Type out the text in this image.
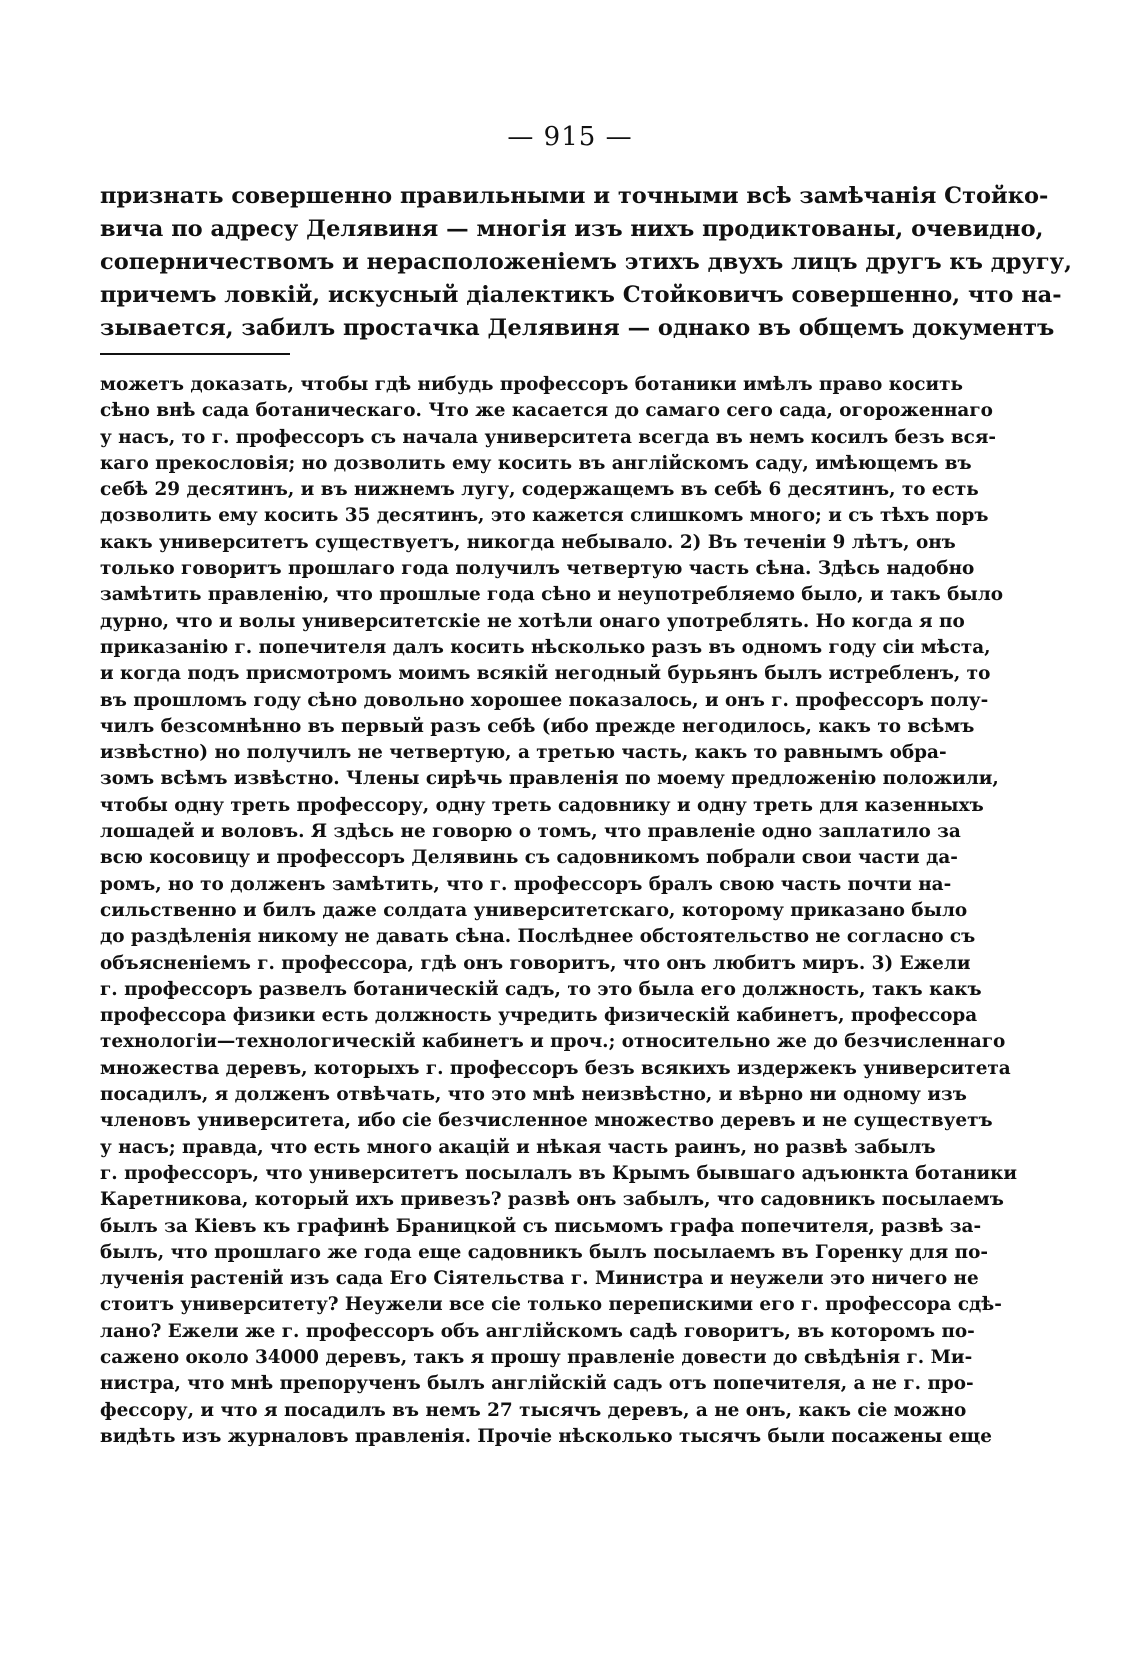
— 915 —
признать совершенно правильными и точными всѣ замѣчанія Стойко-
вича по адресу Делявиня — многія изъ нихъ продиктованы, очевидно,
соперничествомъ и нерасположеніемъ этихъ двухъ лицъ другъ къ другу,
причемъ ловкій, искусный діалектикъ Стойковичъ совершенно, что на-
зывается, забилъ простачка Делявиня — однако въ общемъ документъ
можетъ доказать, чтобы гдѣ нибудь профессоръ ботаники имѣлъ право косить
сѣно внѣ сада ботаническаго. Что же касается до самаго сего сада, огороженнаго
у насъ, то г. профессоръ съ начала университета всегда въ немъ косилъ безъ вся-
каго прекословія; но дозволить ему косить въ англійскомъ саду, имѣющемъ въ
себѣ 29 десятинъ, и въ нижнемъ лугу, содержащемъ въ себѣ 6 десятинъ, то есть
дозволить ему косить 35 десятинъ, это кажется слишкомъ много; и съ тѣхъ поръ
какъ университетъ существуетъ, никогда небывало. 2) Въ теченіи 9 лѣтъ, онъ
только говоритъ прошлаго года получилъ четвертую часть сѣна. Здѣсь надобно
замѣтить правленію, что прошлые года сѣно и неупотребляемо было, и такъ было
дурно, что и волы университетскіе не хотѣли онаго употреблять. Но когда я по
приказанію г. попечителя далъ косить нѣсколько разъ въ одномъ году сіи мѣста,
и когда подъ присмотромъ моимъ всякій негодный бурьянъ былъ истребленъ, то
въ прошломъ году сѣно довольно хорошее показалось, и онъ г. профессоръ полу-
чилъ безсомнѣнно въ первый разъ себѣ (ибо прежде негодилось, какъ то всѣмъ
извѣстно) но получилъ не четвертую, а третью часть, какъ то равнымъ обра-
зомъ всѣмъ извѣстно. Члены сирѣчь правленія по моему предложенію положили,
чтобы одну треть профессору, одну треть садовнику и одну треть для казенныхъ
лошадей и воловъ. Я здѣсь не говорю о томъ, что правленіе одно заплатило за
всю косовицу и профессоръ Делявинь съ садовникомъ побрали свои части да-
ромъ, но то долженъ замѣтить, что г. профессоръ бралъ свою часть почти на-
сильственно и билъ даже солдата университетскаго, которому приказано было
до раздѣленія никому не давать сѣна. Послѣднее обстоятельство не согласно съ
объясненіемъ г. профессора, гдѣ онъ говоритъ, что онъ любитъ миръ. 3) Ежели
г. профессоръ развелъ ботаническій садъ, то это была его должность, такъ какъ
профессора физики есть должность учредить физическій кабинетъ, профессора
технологіи—технологическій кабинетъ и проч.; относительно же до безчисленнаго
множества деревъ, которыхъ г. профессоръ безъ всякихъ издержекъ университета
посадилъ, я долженъ отвѣчать, что это мнѣ неизвѣстно, и вѣрно ни одному изъ
членовъ университета, ибо сіе безчисленное множество деревъ и не существуетъ
у насъ; правда, что есть много акацій и нѣкая часть раинъ, но развѣ забылъ
г. профессоръ, что университетъ посылалъ въ Крымъ бывшаго адъюнкта ботаники
Каретникова, который ихъ привезъ? развѣ онъ забылъ, что садовникъ посылаемъ
былъ за Кіевъ къ графинѣ Браницкой съ письмомъ графа попечителя, развѣ за-
былъ, что прошлаго же года еще садовникъ былъ посылаемъ въ Горенку для по-
лученія растеній изъ сада Его Сіятельства г. Министра и неужели это ничего не
стоитъ университету? Неужели все сіе только перепискими его г. профессора сдѣ-
лано? Ежели же г. профессоръ объ англійскомъ садѣ говоритъ, въ которомъ по-
сажено около 34000 деревъ, такъ я прошу правленіе довести до свѣдѣнія г. Ми-
нистра, что мнѣ препорученъ былъ англійскій садъ отъ попечителя, а не г. про-
фессору, и что я посадилъ въ немъ 27 тысячъ деревъ, а не онъ, какъ сіе можно
видѣть изъ журналовъ правленія. Прочіе нѣсколько тысячъ были посажены еще
